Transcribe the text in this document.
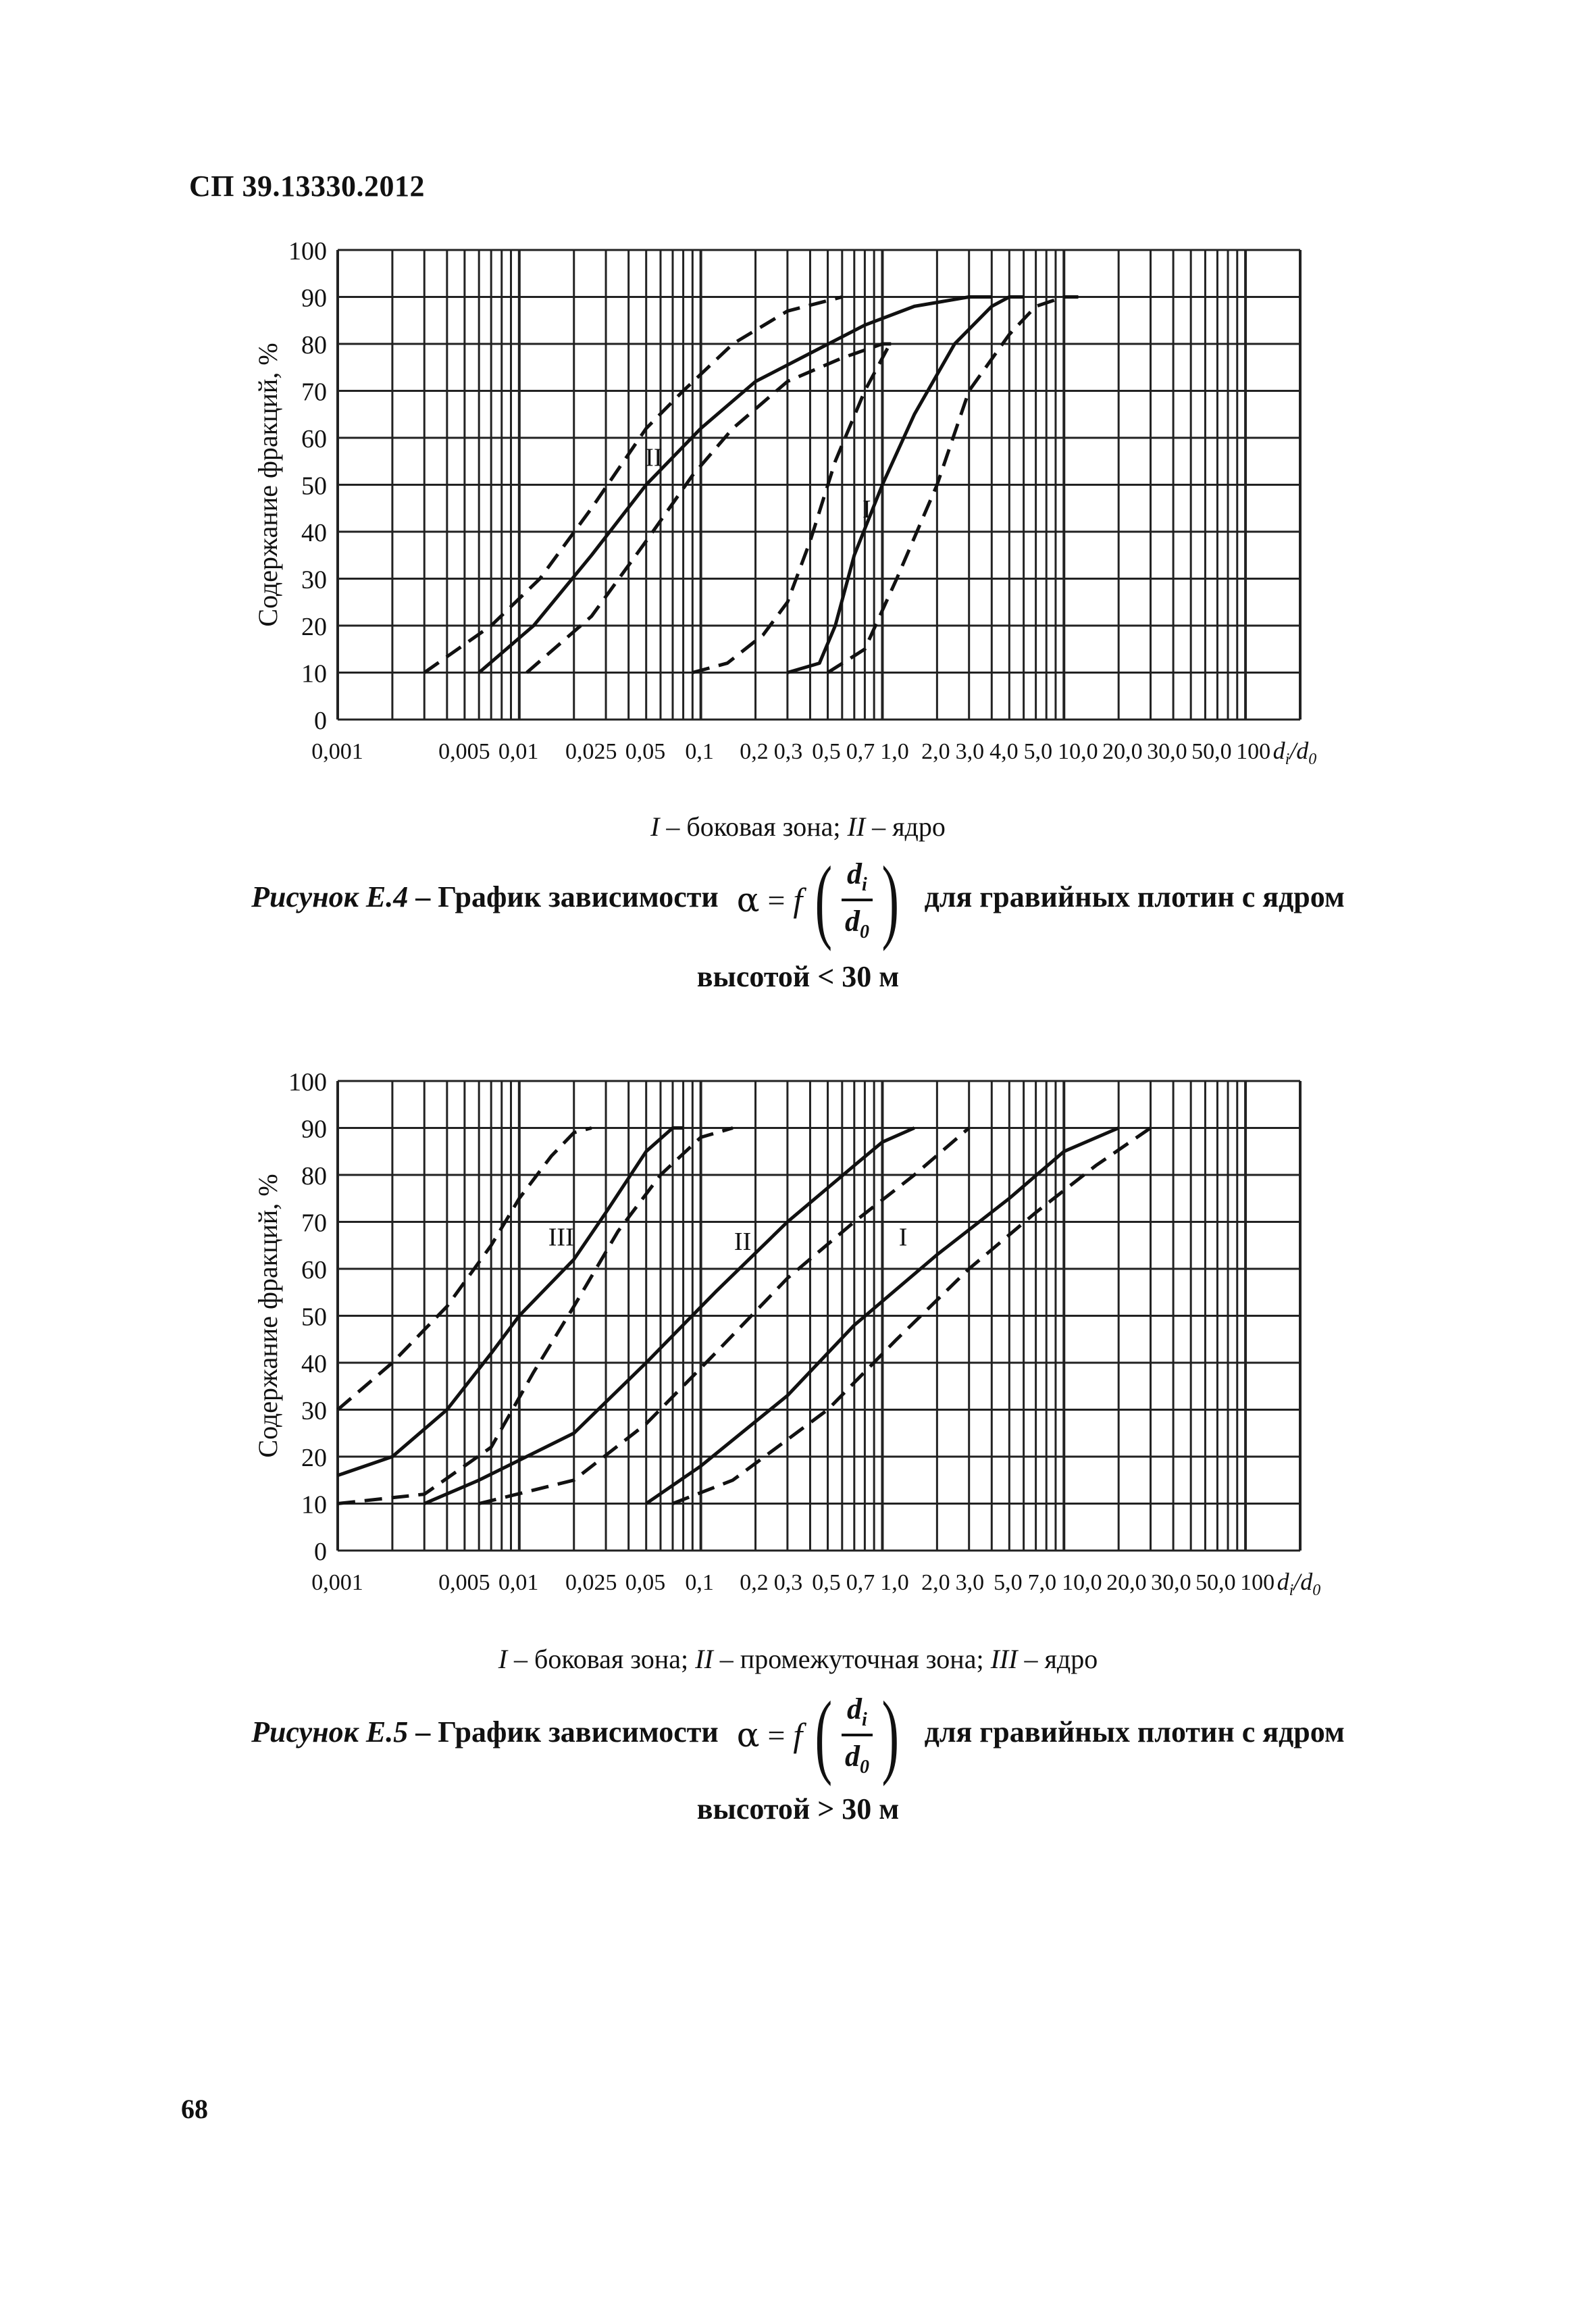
СП 39.13330.2012
0
10
20
30
40
50
60
70
80
90
100
0,001	0,005 0,01 0,025 0,05 0,1 0,2 0,3 0,5 0,7 1,0 2,0 3,0 4,0 5,0 10,0 20,0 30,0 50,0 100 $d_i/d_0$
Содержание фракций, %	II
I
I – боковая зона; II – ядро
Рисунок Е.4 – График зависимости α = f ( $\frac{d_i}{d_0}$ ) для гравийных плотин с ядром
высотой < 30 м
0
10
20
30
40
50
60
70
80
90
100
0,001	0,005 0,01 0,025 0,05 0,1 0,2 0,3 0,5 0,7 1,0 2,0 3,0 5,0 7,0 10,0 20,0 30,0 50,0 100 $d_i/d_0$
Содержание фракций, %	III	II	I
I – боковая зона; II – промежуточная зона; III – ядро
Рисунок Е.5 – График зависимости α = f ( $\frac{d_i}{d_0}$ ) для гравийных плотин с ядром
высотой > 30 м
68
